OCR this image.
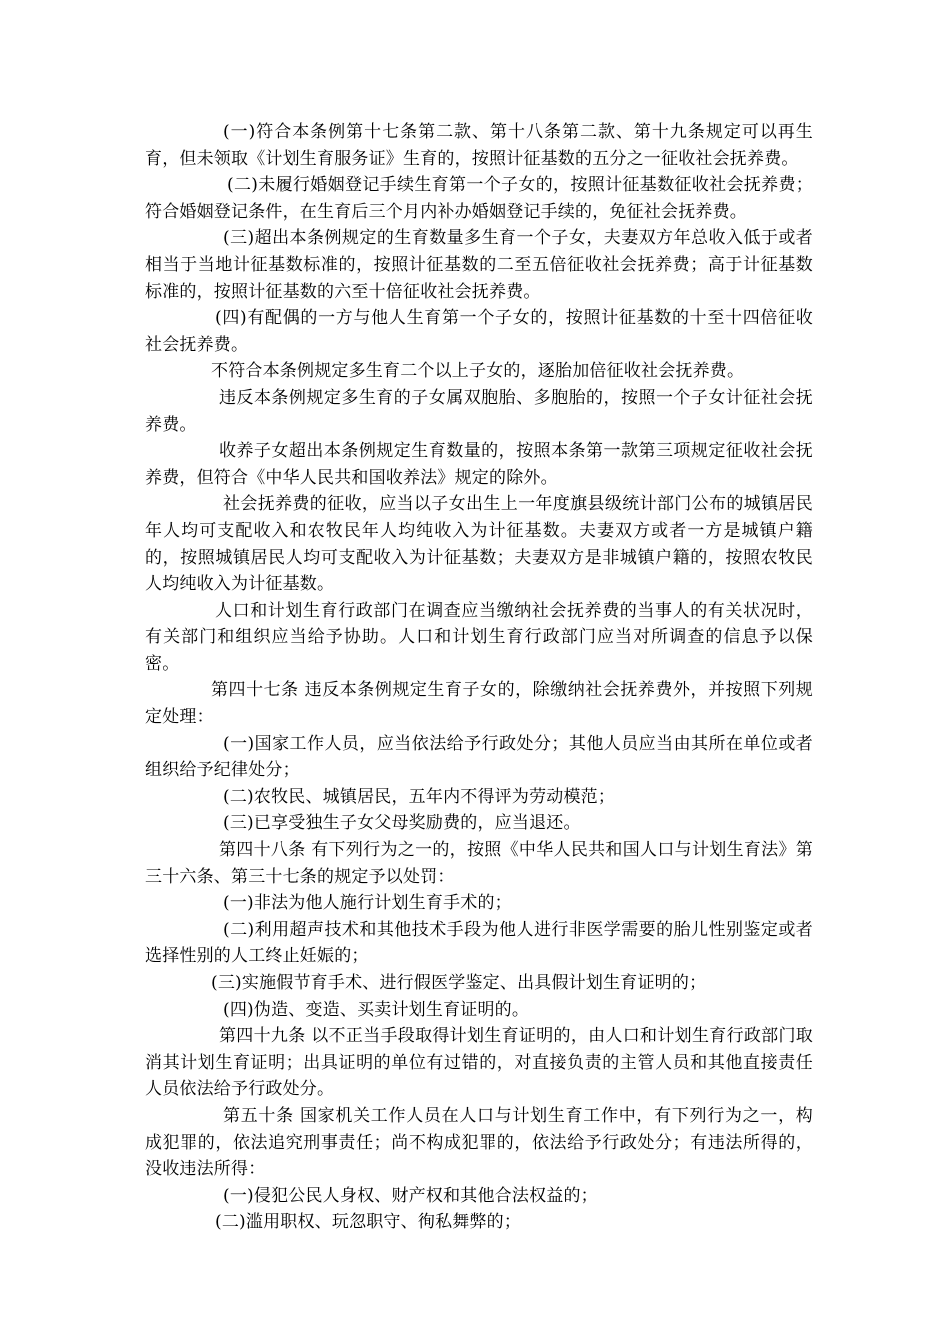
(一)符合本条例第十七条第二款、第十八条第二款、第十九条规定可以再生育，但未领取《计划生育服务证》生育的，按照计征基数的五分之一征收社会抚养费。

(二)未履行婚姻登记手续生育第一个子女的，按照计征基数征收社会抚养费；符合婚姻登记条件，在生育后三个月内补办婚姻登记手续的，免征社会抚养费。

(三)超出本条例规定的生育数量多生育一个子女，夫妻双方年总收入低于或者相当于当地计征基数标准的，按照计征基数的二至五倍征收社会抚养费；高于计征基数标准的，按照计征基数的六至十倍征收社会抚养费。

(四)有配偶的一方与他人生育第一个子女的，按照计征基数的十至十四倍征收社会抚养费。

不符合本条例规定多生育二个以上子女的，逐胎加倍征收社会抚养费。

违反本条例规定多生育的子女属双胞胎、多胞胎的，按照一个子女计征社会抚养费。

收养子女超出本条例规定生育数量的，按照本条第一款第三项规定征收社会抚养费，但符合《中华人民共和国收养法》规定的除外。

社会抚养费的征收，应当以子女出生上一年度旗县级统计部门公布的城镇居民年人均可支配收入和农牧民年人均纯收入为计征基数。夫妻双方或者一方是城镇户籍的，按照城镇居民人均可支配收入为计征基数；夫妻双方是非城镇户籍的，按照农牧民人均纯收入为计征基数。

人口和计划生育行政部门在调查应当缴纳社会抚养费的当事人的有关状况时，有关部门和组织应当给予协助。人口和计划生育行政部门应当对所调查的信息予以保密。

第四十七条 违反本条例规定生育子女的，除缴纳社会抚养费外，并按照下列规定处理：

(一)国家工作人员，应当依法给予行政处分；其他人员应当由其所在单位或者组织给予纪律处分；

(二)农牧民、城镇居民，五年内不得评为劳动模范；

(三)已享受独生子女父母奖励费的，应当退还。

第四十八条 有下列行为之一的，按照《中华人民共和国人口与计划生育法》第三十六条、第三十七条的规定予以处罚：

(一)非法为他人施行计划生育手术的；

(二)利用超声技术和其他技术手段为他人进行非医学需要的胎儿性别鉴定或者选择性别的人工终止妊娠的；

(三)实施假节育手术、进行假医学鉴定、出具假计划生育证明的；

(四)伪造、变造、买卖计划生育证明的。

第四十九条 以不正当手段取得计划生育证明的，由人口和计划生育行政部门取消其计划生育证明；出具证明的单位有过错的，对直接负责的主管人员和其他直接责任人员依法给予行政处分。

第五十条 国家机关工作人员在人口与计划生育工作中，有下列行为之一，构成犯罪的，依法追究刑事责任；尚不构成犯罪的，依法给予行政处分；有违法所得的，没收违法所得：

(一)侵犯公民人身权、财产权和其他合法权益的；

(二)滥用职权、玩忽职守、徇私舞弊的；
